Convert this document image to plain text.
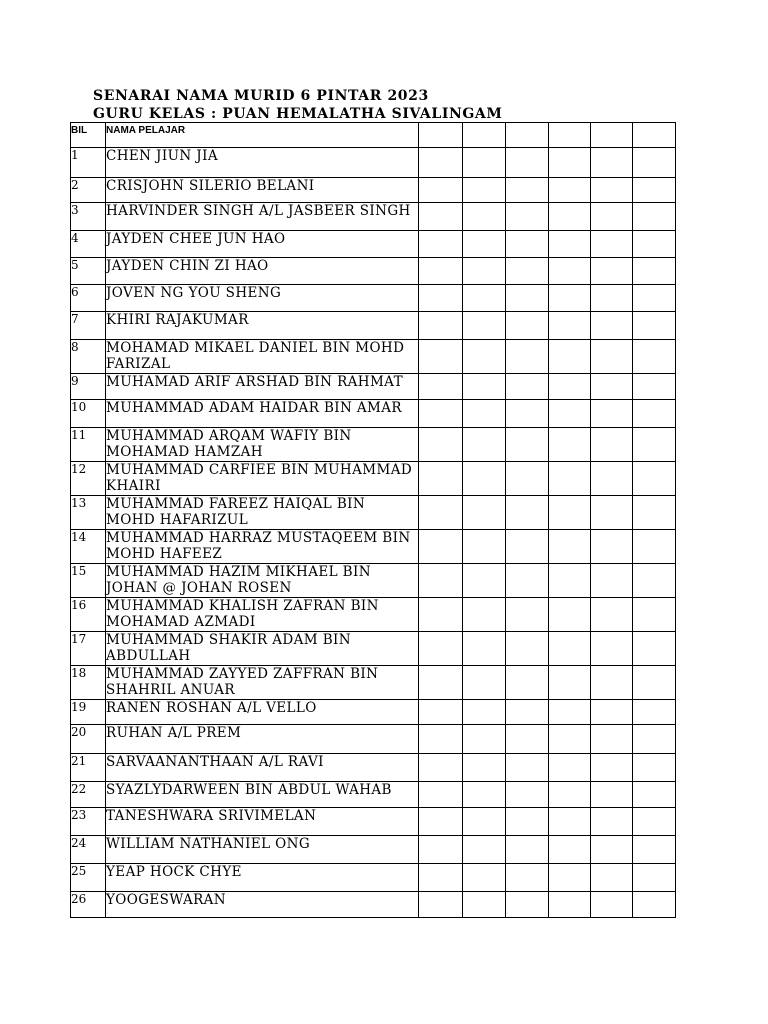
SENARAI NAMA MURID 6 PINTAR 2023
GURU KELAS : PUAN HEMALATHA SIVALINGAM
BIL	NAMA PELAJAR						
1	CHEN JIUN JIA						
2	CRISJOHN SILERIO BELANI						
3	HARVINDER SINGH A/L JASBEER SINGH						
4	JAYDEN CHEE JUN HAO						
5	JAYDEN CHIN ZI HAO						
6	JOVEN NG YOU SHENG						
7	KHIRI RAJAKUMAR						
8	MOHAMAD MIKAEL DANIEL BIN MOHD FARIZAL						
9	MUHAMAD ARIF ARSHAD BIN RAHMAT						
10	MUHAMMAD ADAM HAIDAR BIN AMAR						
11	MUHAMMAD ARQAM WAFIY BIN MOHAMAD HAMZAH						
12	MUHAMMAD CARFIEE BIN MUHAMMAD KHAIRI						
13	MUHAMMAD FAREEZ HAIQAL BIN MOHD HAFARIZUL						
14	MUHAMMAD HARRAZ MUSTAQEEM BIN MOHD HAFEEZ						
15	MUHAMMAD HAZIM MIKHAEL BIN JOHAN @ JOHAN ROSEN						
16	MUHAMMAD KHALISH ZAFRAN BIN MOHAMAD AZMADI						
17	MUHAMMAD SHAKIR ADAM BIN ABDULLAH						
18	MUHAMMAD ZAYYED ZAFFRAN BIN SHAHRIL ANUAR						
19	RANEN ROSHAN A/L VELLO						
20	RUHAN A/L PREM						
21	SARVAANANTHAAN A/L RAVI						
22	SYAZLYDARWEEN BIN ABDUL WAHAB						
23	TANESHWARA SRIVIMELAN						
24	WILLIAM NATHANIEL ONG						
25	YEAP HOCK CHYE						
26	YOOGESWARAN						
